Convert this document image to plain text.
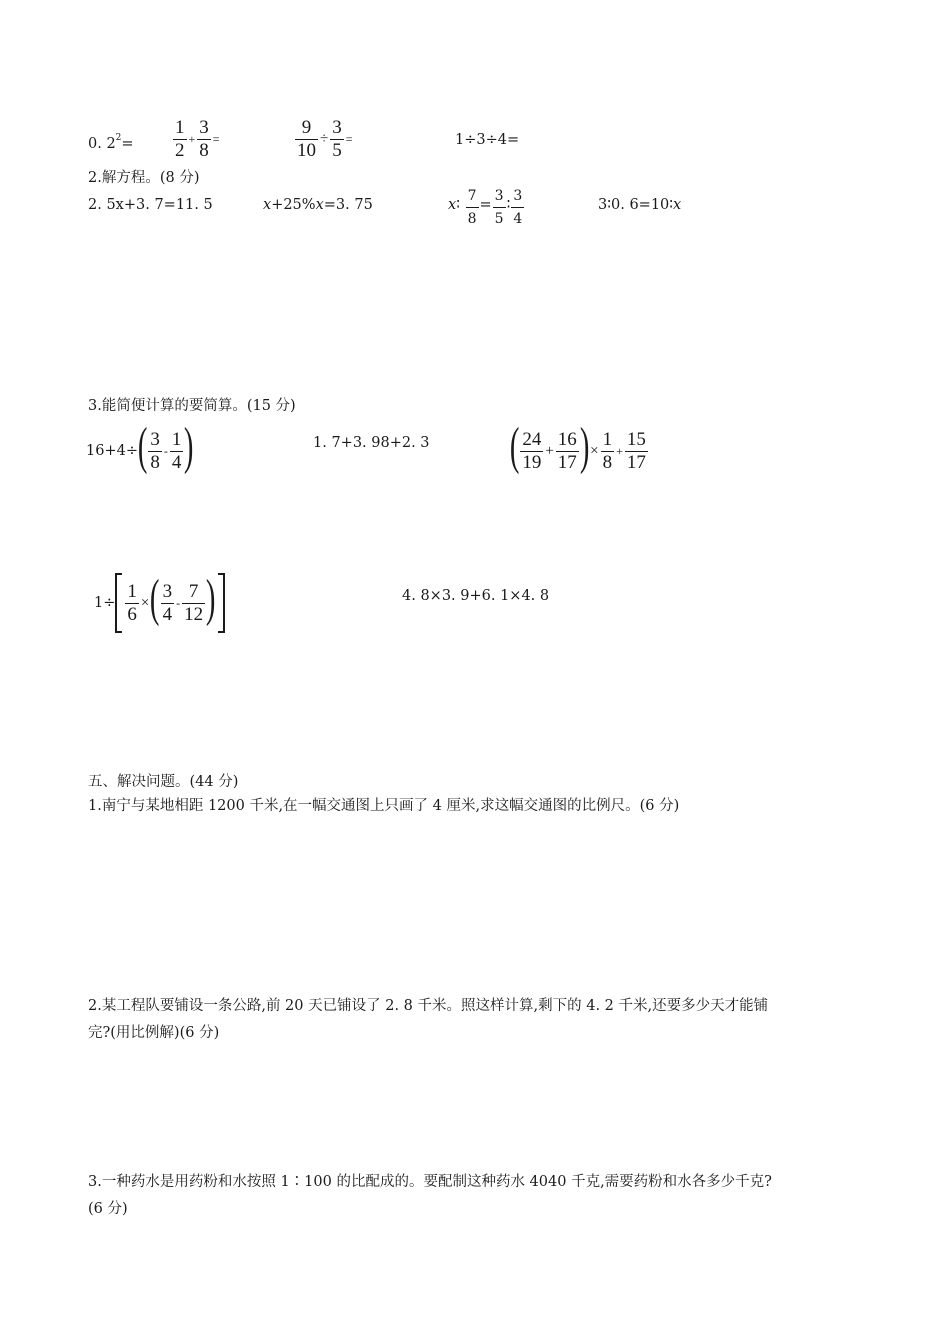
0. $2^2= \frac{1}{2} + \frac{3}{8}$ =	$\frac{9}{10} \div \frac{3}{5}$ =	1÷3÷4=
2.解方程。(8 分)
2. 5x+3. 7=11. 5	x+25%x=3. 75	x∶ $\frac{7}{8} = \frac{3}{5}$ ∶ $\frac{3}{4}$	3∶0. 6=10∶x
3.能简便计算的要简算。(15 分)
16+4÷ ( $\frac{3}{8} - \frac{1}{4}$ )	1. 7+3. 98+2. 3 ( $\frac{24}{19} + \frac{16}{17}$ ) × $\frac{1}{8} + \frac{15}{17}$
$1\div \frac{1}{6}$ × ( $\frac{3}{4} - \frac{7}{12}$ )	4. 8×3. 9+6. 1×4. 8
五、解决问题。(44 分)
1.南宁与某地相距 1200 千米,在一幅交通图上只画了 4 厘米,求这幅交通图的比例尺。(6 分)
2.某工程队要铺设一条公路,前 20 天已铺设了 2. 8 千米。照这样计算,剩下的 4. 2 千米,还要多少天才能铺
完?(用比例解)(6 分)
3.一种药水是用药粉和水按照 1∶100 的比配成的。要配制这种药水 4040 千克,需要药粉和水各多少千克?
(6 分)
